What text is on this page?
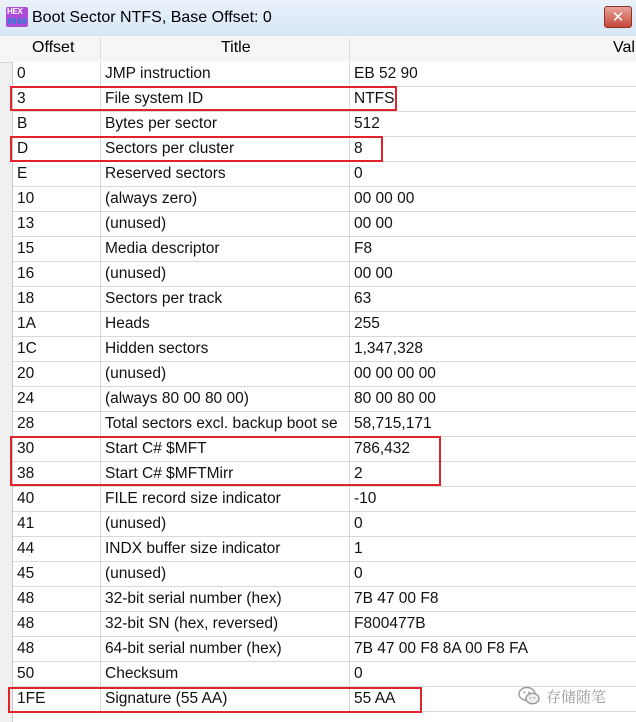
HEX Boot Sector NTFS, Base Offset: 0	✕
Offset	Title	Val
0	JMP instruction	EB 52 90
3	File system ID	NTFS
B	Bytes per sector	512
D	Sectors per cluster	8
E	Reserved sectors	0
10	(always zero)	00 00 00
13	(unused)	00 00
15	Media descriptor	F8
16	(unused)	00 00
18	Sectors per track	63
1A	Heads	255
1C	Hidden sectors	1,347,328
20	(unused)	00 00 00 00
24	(always 80 00 80 00)	80 00 80 00
28	Total sectors excl. backup boot se	58,715,171
30	Start C# $MFT	786,432
38	Start C# $MFTMirr	2
40	FILE record size indicator	-10
41	(unused)	0
44	INDX buffer size indicator	1
45	(unused)	0
48	32-bit serial number (hex)	7B 47 00 F8
48	32-bit SN (hex, reversed)	F800477B
48	64-bit serial number (hex)	7B 47 00 F8 8A 00 F8 FA
50	Checksum	0
1FE	Signature (55 AA)	55 AA	存储随笔
